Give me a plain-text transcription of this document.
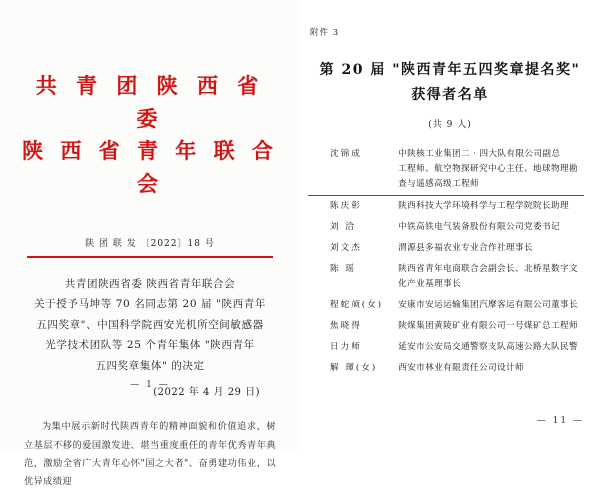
共 青 团 陕 西 省 委
陕 西 省 青 年 联 合 会
陕 团 联 发 〔2022〕18 号
共青团陕西省委 陕西省青年联合会
关于授予马坤等 70 名同志第 20 届 "陕西青年
五四奖章"、中国科学院西安光机所空间敏感器
光学技术团队等 25 个青年集体 "陕西青年
五四奖章集体" 的决定
(2022 年 4 月 29 日)

为集中展示新时代陕西青年的精神面貌和价值追求，树立基层不移的爱国激发进、堪当重度重任的青年优秀青年典范，激励全省广大青年心怀"国之大者"、奋勇建功伟业，以优异成绩迎

— 1 —
附件 3
第 20 届 "陕西青年五四奖章提名奖"
获得者名单
(共 9 人)
沈锦成	中陕核工业集团二 · 四大队有限公司副总
工程师、航空物探研究中心主任、地球物理勘
查与遥感高级工程师

陈庆彰	陕西科技大学环境科学与工程学院院长助理

刘 洽	中铁高铁电气装备股份有限公司党委书记

刘文杰	渭源县多福农业专业合作社理事长

陈 瑶	陕西省青年电商联合会副会长、北桥星数字文
化产业基理事长

程蛇颃(女)	安康市安运运输集团汽摩客运有限公司董事长

焦晓得	陕煤集团黄陵矿业有限公司一号煤矿总工程师

日力师	延安市公安局交通警察支队高速公路大队民警

解 琿(女)	西安市林业有限责任公司设计师
— 11 —
